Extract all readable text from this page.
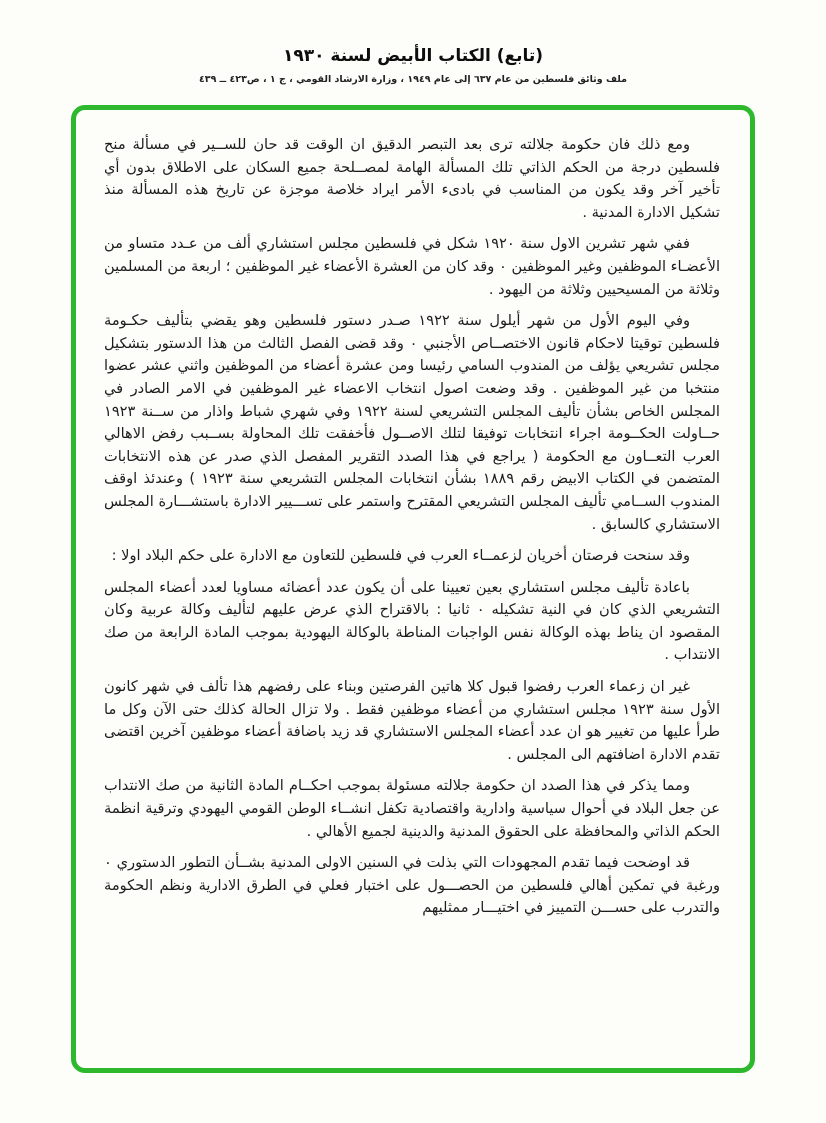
(تابع) الكتاب الأبيض لسنة ١٩٣٠
ملف وثائق فلسطين من عام ٦٣٧ إلى عام ١٩٤٩ ، وزارة الارشاد القومي ، ج ١ ، ص٤٢٣ ــ ٤٣٩

ومع ذلك فان حكومة جلالته ترى بعد التبصر الدقيق ان الوقت قد حان للســير في مسألة منح فلسطين درجة من الحكم الذاتي تلك المسألة الهامة لمصــلحة جميع السكان على الاطلاق بدون أي تأخير آخر وقد يكون من المناسب في بادىء الأمر ايراد خلاصة موجزة عن تاريخ هذه المسألة منذ تشكيل الادارة المدنية .

ففي شهر تشرين الاول سنة ١٩٢٠ شكل في فلسطين مجلس استشاري ألف من عـدد متساو من الأعضـاء الموظفين وغير الموظفين ٠ وقد كان من العشرة الأعضاء غير الموظفين ؛ اربعة من المسلمين وثلاثة من المسيحيين وثلاثة من اليهود .

وفي اليوم الأول من شهر أيلول سنة ١٩٢٢ صـدر دستور فلسطين وهو يقضي بتأليف حكـومة فلسطين توقيتا لاحكام قانون الاختصــاص الأجنبي ٠ وقد قضى الفصل الثالث من هذا الدستور بتشكيل مجلس تشريعي يؤلف من المندوب السامي رئيسا ومن عشرة أعضاء من الموظفين واثني عشر عضوا منتخبا من غير الموظفين . وقد وضعت اصول انتخاب الاعضاء غير الموظفين في الامر الصادر في المجلس الخاص بشأن تأليف المجلس التشريعي لسنة ١٩٢٢ وفي شهري شباط واذار من ســنة ١٩٢٣ حــاولت الحكــومة اجراء انتخابات توفيقا لتلك الاصــول فأخفقت تلك المحاولة بســبب رفض الاهالي العرب التعــاون مع الحكومة ( يراجع في هذا الصدد التقرير المفصل الذي صدر عن هذه الانتخابات المتضمن في الكتاب الابيض رقم ١٨٨٩ بشأن انتخابات المجلس التشريعي سنة ١٩٢٣ ) وعندئذ اوقف المندوب الســامي تأليف المجلس التشريعي المقترح واستمر على تســـيير الادارة باستشـــارة المجلس الاستشاري كالسابق .

وقد سنحت فرصتان أخريان لزعمــاء العرب في فلسطين للتعاون مع الادارة على حكم البلاد اولا :

باعادة تأليف مجلس استشاري بعين تعيينا على أن يكون عدد أعضائه مساويا لعدد أعضاء المجلس التشريعي الذي كان في النية تشكيله ٠ ثانيا : بالاقتراح الذي عرض عليهم لتأليف وكالة عربية وكان المقصود ان يناط بهذه الوكالة نفس الواجبات المناطة بالوكالة اليهودية بموجب المادة الرابعة من صك الانتداب .

غير ان زعماء العرب رفضوا قبول كلا هاتين الفرصتين وبناء على رفضهم هذا تألف في شهر كانون الأول سنة ١٩٢٣ مجلس استشاري من أعضاء موظفين فقط . ولا تزال الحالة كذلك حتى الآن وكل ما طرأ عليها من تغيير هو ان عدد أعضاء المجلس الاستشاري قد زيد باضافة أعضاء موظفين آخرين اقتضى تقدم الادارة اضافتهم الى المجلس .

ومما يذكر في هذا الصدد ان حكومة جلالته مسئولة بموجب احكــام المادة الثانية من صك الانتداب عن جعل البلاد في أحوال سياسية وادارية واقتصادية تكفل انشــاء الوطن القومي اليهودي وترقية انظمة الحكم الذاتي والمحافظة على الحقوق المدنية والدينية لجميع الأهالي .

قد اوضحت فيما تقدم المجهودات التي بذلت في السنين الاولى المدنية بشــأن التطور الدستوري ٠ ورغبة في تمكين أهالي فلسطين من الحصـــول على اختبار فعلي في الطرق الادارية ونظم الحكومة والتدرب على حســـن التمييز في اختيـــار ممثليهم
